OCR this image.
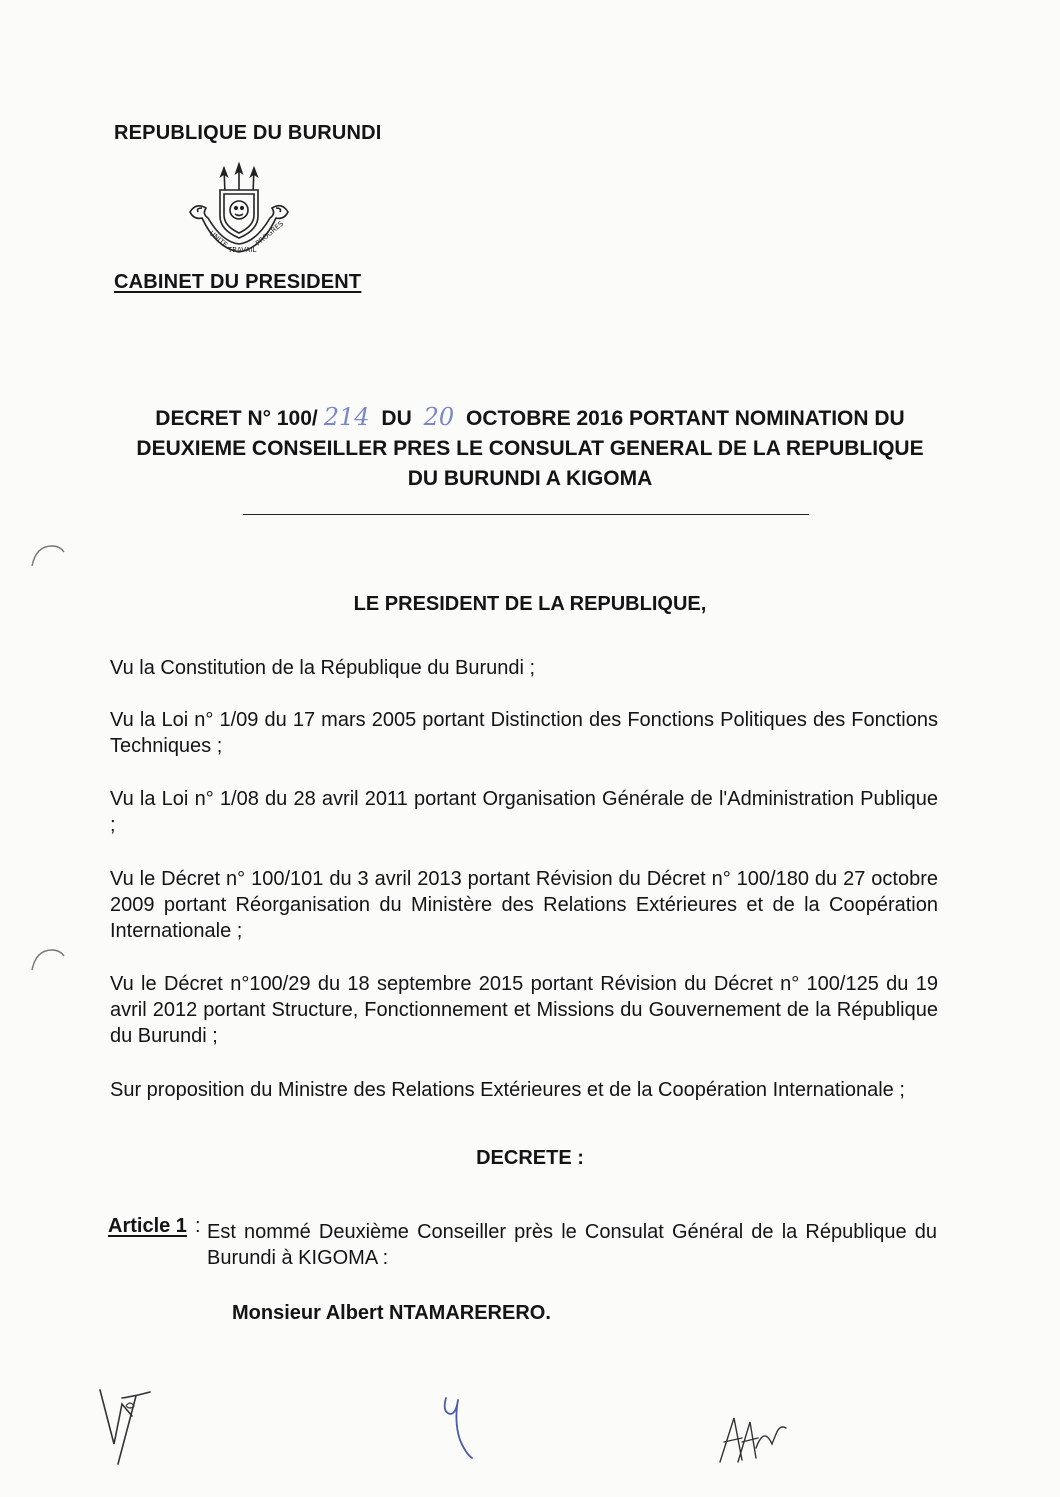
REPUBLIQUE DU BURUNDI
UNITE
TRAVAIL
PROGRES
CABINET DU PRESIDENT
DECRET N° 100/ 214 DU 20 OCTOBRE 2016 PORTANT NOMINATION DU
DEUXIEME CONSEILLER PRES LE CONSULAT GENERAL DE LA REPUBLIQUE
DU BURUNDI A KIGOMA
LE PRESIDENT DE LA REPUBLIQUE,

Vu la Constitution de la République du Burundi ;

Vu la Loi n° 1/09 du 17 mars 2005 portant Distinction des Fonctions Politiques des Fonctions Techniques ;

Vu la Loi n° 1/08 du 28 avril 2011 portant Organisation Générale de l'Administration Publique ;

Vu le Décret n° 100/101 du 3 avril 2013 portant Révision du Décret n° 100/180 du 27 octobre 2009 portant Réorganisation du Ministère des Relations Extérieures et de la Coopération Internationale ;

Vu le Décret n°100/29 du 18 septembre 2015 portant Révision du Décret n° 100/125 du 19 avril 2012 portant Structure, Fonctionnement et Missions du Gouvernement de la République du Burundi ;

Sur proposition du Ministre des Relations Extérieures et de la Coopération Internationale ;

DECRETE :
Article 1 : Est nommé Deuxième Conseiller près le Consulat Général de la République du Burundi à KIGOMA :

Monsieur Albert NTAMARERERO.
